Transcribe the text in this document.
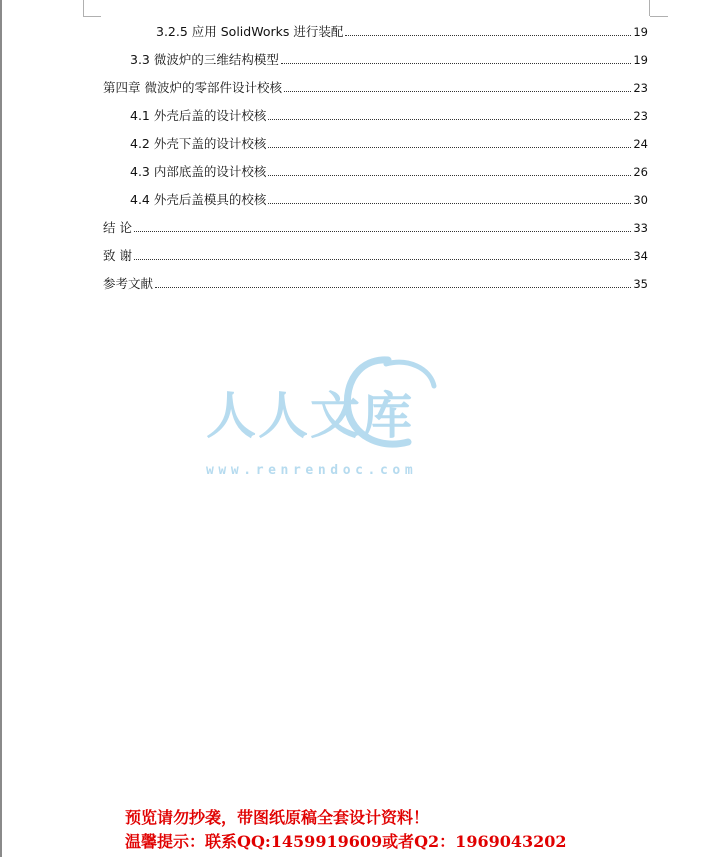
3.2.5 应用 SolidWorks 进行装配	19
3.3 微波炉的三维结构模型	19
第四章 微波炉的零部件设计校核	23
4.1 外壳后盖的设计校核	23
4.2 外壳下盖的设计校核	24
4.3 内部底盖的设计校核	26
4.4 外壳后盖模具的校核	30
结 论	33
致 谢	34
参考文献	35
人人文库
www.renrendoc.com
预览请勿抄袭，带图纸原稿全套设计资料！
温馨提示：联系QQ:1459919609或者Q2：1969043202
